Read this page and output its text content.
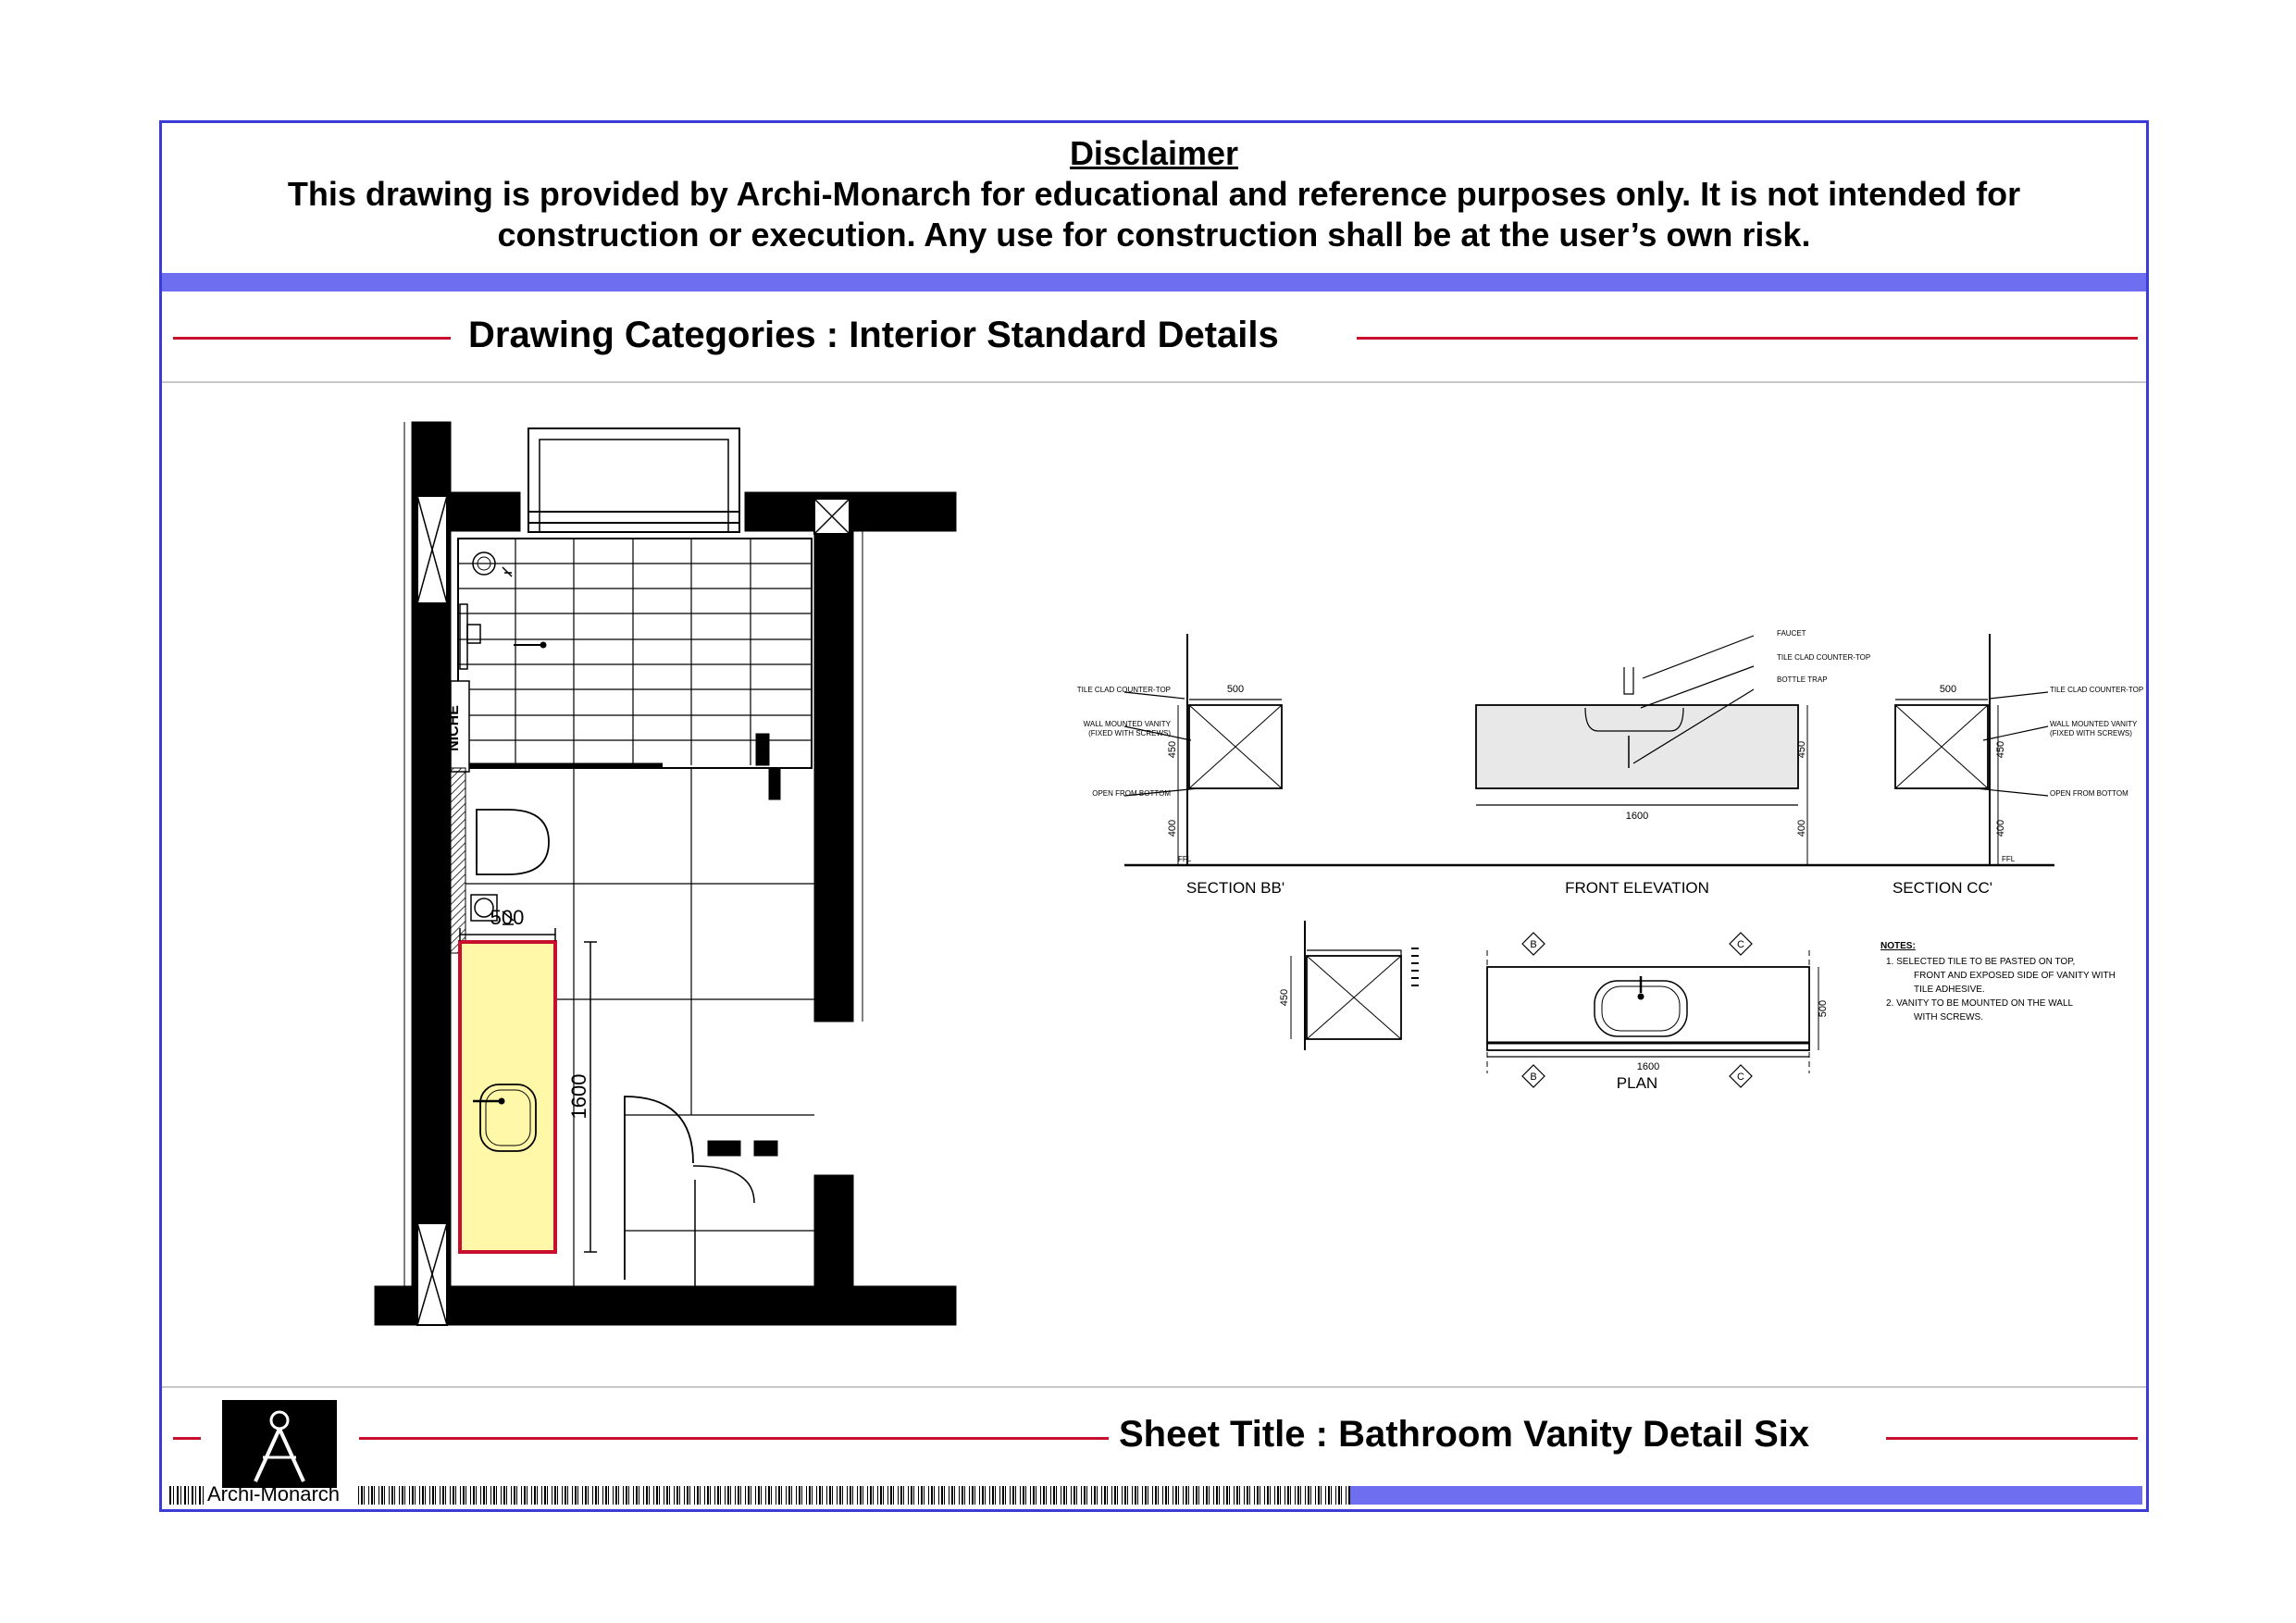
Disclaimer
This drawing is provided by Archi-Monarch for educational and reference purposes only. It is not intended for
construction or execution. Any use for construction shall be at the user’s own risk.
Drawing Categories : Interior Standard Details
NICHE
500
1600
TILE CLAD COUNTER-TOP
WALL MOUNTED VANITY
(FIXED WITH SCREWS)
OPEN FROM BOTTOM
FAUCET
TILE CLAD COUNTER-TOP
BOTTLE TRAP
TILE CLAD COUNTER-TOP
WALL MOUNTED VANITY
(FIXED WITH SCREWS)
OPEN FROM BOTTOM
FFL	FFL
500	500
1600
450
400
450
400
450
400
SECTION BB'	FRONT ELEVATION	SECTION CC'
PLAN
450
B	C
B	C
1600
500
NOTES:
1. SELECTED TILE TO BE PASTED ON TOP,
FRONT AND EXPOSED SIDE OF VANITY WITH
TILE ADHESIVE.
2. VANITY TO BE MOUNTED ON THE WALL
WITH SCREWS.
Archi-Monarch
Sheet Title : Bathroom Vanity Detail Six
